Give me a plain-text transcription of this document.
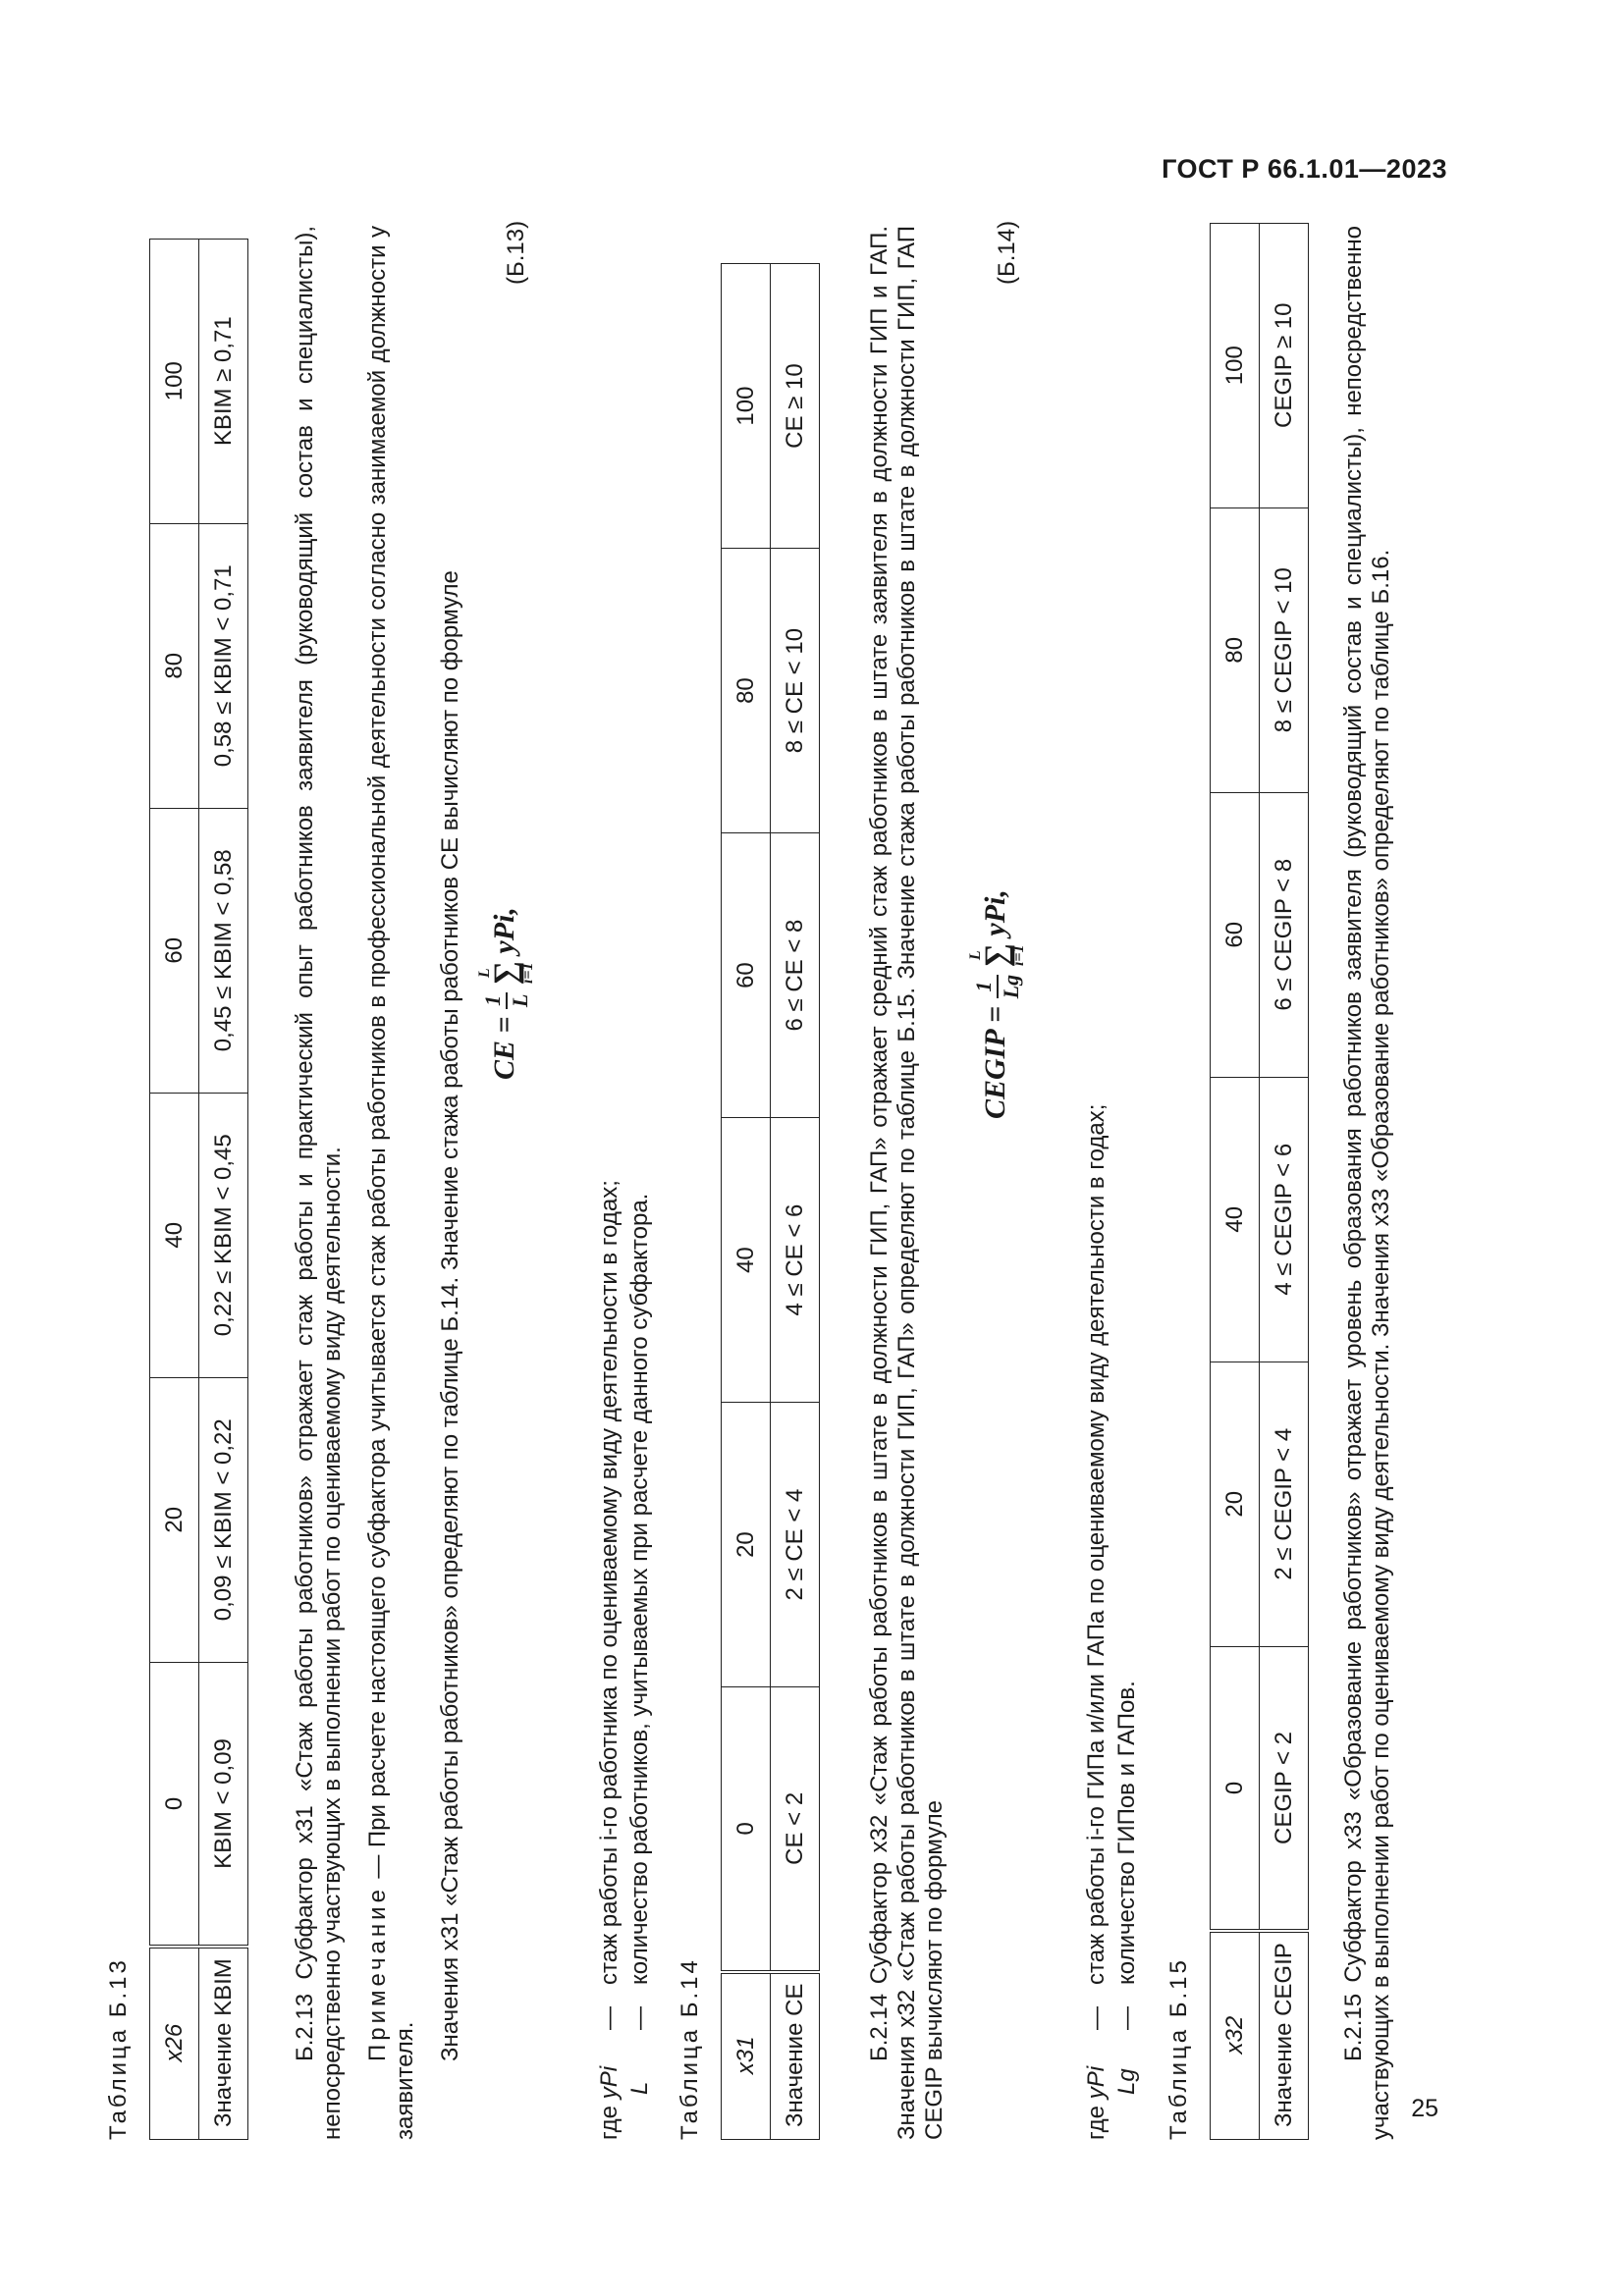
ГОСТ Р 66.1.01—2023
Таблица Б.13 x26	0	20	40	60	80	100
Значение KBIM	KBIM < 0,09	0,09 ≤ KBIM < 0,22	0,22 ≤ KBIM < 0,45	0,45 ≤ KBIM < 0,58	0,58 ≤ KBIM < 0,71	KBIM ≥ 0,71 Б.2.13 Субфактор x31 «Стаж работы работников» отражает стаж работы и практический опыт работников заявителя (руководящий состав и специалисты), непосредственно участвующих в выполнении работ по оцениваемому виду деятельности. Примечание — При расчете настоящего субфактора учитывается стаж работы работников в профессиональной деятельности согласно занимаемой должности у заявителя.
Значения x31 «Стаж работы работников» определяют по таблице Б.14. Значение стажа работы работников CE вычисляют по формуле CE =
1 L
L
∑
i=1 yPi,
(Б.13)
где yPi
—
стаж работы i-го работника по оцениваемому виду деятельности в годах;
L
—
количество работников, учитываемых при расчете данного субфактора.
Таблица Б.14 x31	0	20	40	60	80	100
Значение CE	CE < 2	2 ≤ CE < 4	4 ≤ CE < 6	6 ≤ CE < 8	8 ≤ CE < 10	CE ≥ 10 Б.2.14 Субфактор x32 «Стаж работы работников в штате в должности ГИП, ГАП» отражает средний стаж работников в штате заявителя в должности ГИП и ГАП. Значения x32 «Стаж работы работников в штате в должности ГИП, ГАП» определяют по таблице Б.15. Значение стажа работы работников в штате в должности ГИП, ГАП CEGIP вычисляют по формуле
CEGIP =
1 Lg
L
∑
i=1 yPi,
(Б.14)
где yPi
—
стаж работы i-го ГИПа и/или ГАПа по оцениваемому виду деятельности в годах;
Lg
—
количество ГИПов и ГАПов.
Таблица Б.15 x32	0	20	40	60	80	100
Значение CEGIP	CEGIP < 2	2 ≤ CEGIP < 4	4 ≤ CEGIP < 6	6 ≤ CEGIP < 8	8 ≤ CEGIP < 10	CEGIP ≥ 10 Б.2.15 Субфактор x33 «Образование работников» отражает уровень образования работников заявителя (руководящий состав и специалисты), непосредственно участвующих в выполнении работ по оцениваемому виду деятельности. Значения x33 «Образование работников» определяют по таблице Б.16. 25
